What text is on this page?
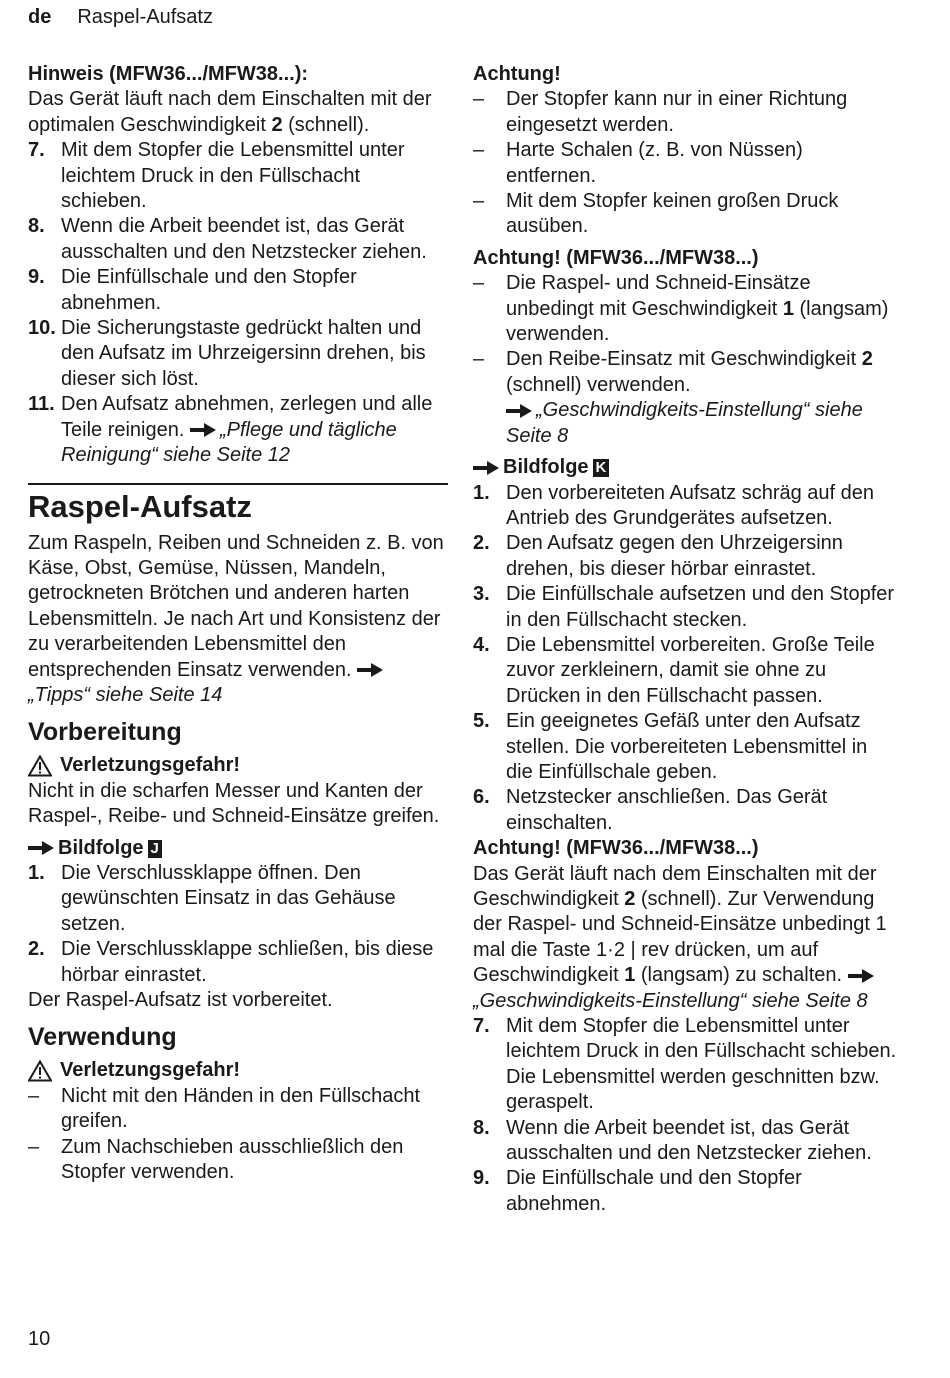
de Raspel-Aufsatz

Hinweis (MFW36.../MFW38...):

Das Gerät läuft nach dem Einschalten mit der optimalen Geschwindigkeit 2 (schnell).

7. Mit dem Stopfer die Lebensmittel unter leichtem Druck in den Füllschacht schieben.
8. Wenn die Arbeit beendet ist, das Gerät ausschalten und den Netzstecker ziehen.
9. Die Einfüllschale und den Stopfer abnehmen.
10. Die Sicherungstaste gedrückt halten und den Aufsatz im Uhrzeigersinn drehen, bis dieser sich löst.
11. Den Aufsatz abnehmen, zerlegen und alle Teile reinigen. „Pflege und tägliche Reinigung“ siehe Seite 12
Raspel-Aufsatz

Zum Raspeln, Reiben und Schneiden z. B. von Käse, Obst, Gemüse, Nüssen, Mandeln, getrockneten Brötchen und anderen harten Lebensmitteln. Je nach Art und Konsistenz der zu verarbeitenden Lebensmittel den entsprechenden Einsatz verwenden. „Tipps“ siehe Seite 14

Vorbereitung
Verletzungsgefahr!

Nicht in die scharfen Messer und Kanten der Raspel-, Reibe- und Schneid-Einsätze greifen.

Bildfolge J

1. Die Verschlussklappe öffnen. Den gewünschten Einsatz in das Gehäuse setzen.
2. Die Verschlussklappe schließen, bis diese hörbar einrastet.

Der Raspel-Aufsatz ist vorbereitet.

Verwendung
Verletzungsgefahr!
– Nicht mit den Händen in den Füllschacht greifen.
– Zum Nachschieben ausschließlich den Stopfer verwenden.

Achtung!

– Der Stopfer kann nur in einer Richtung eingesetzt werden.
– Harte Schalen (z. B. von Nüssen) entfernen.
– Mit dem Stopfer keinen großen Druck ausüben.

Achtung! (MFW36.../MFW38...)

– Die Raspel- und Schneid-Einsätze unbedingt mit Geschwindigkeit 1 (langsam) verwenden.
– Den Reibe-Einsatz mit Geschwindigkeit 2 (schnell) verwenden.
„Geschwindigkeits-Einstellung“ siehe Seite 8

Bildfolge K

1. Den vorbereiteten Aufsatz schräg auf den Antrieb des Grundgerätes aufsetzen.
2. Den Aufsatz gegen den Uhrzeigersinn drehen, bis dieser hörbar einrastet.
3. Die Einfüllschale aufsetzen und den Stopfer in den Füllschacht stecken.
4. Die Lebensmittel vorbereiten. Große Teile zuvor zerkleinern, damit sie ohne zu Drücken in den Füllschacht passen.
5. Ein geeignetes Gefäß unter den Aufsatz stellen. Die vorbereiteten Lebensmittel in die Einfüllschale geben.
6. Netzstecker anschließen. Das Gerät einschalten.

Achtung! (MFW36.../MFW38...)

Das Gerät läuft nach dem Einschalten mit der Geschwindigkeit 2 (schnell). Zur Verwendung der Raspel- und Schneid-Einsätze unbedingt 1 mal die Taste 1·2 | rev drücken, um auf Geschwindigkeit 1 (langsam) zu schalten. „Geschwindigkeits-Einstellung“ siehe Seite 8

7. Mit dem Stopfer die Lebensmittel unter leichtem Druck in den Füllschacht schieben. Die Lebensmittel werden geschnitten bzw. geraspelt.
8. Wenn die Arbeit beendet ist, das Gerät ausschalten und den Netzstecker ziehen.
9. Die Einfüllschale und den Stopfer abnehmen.
10
